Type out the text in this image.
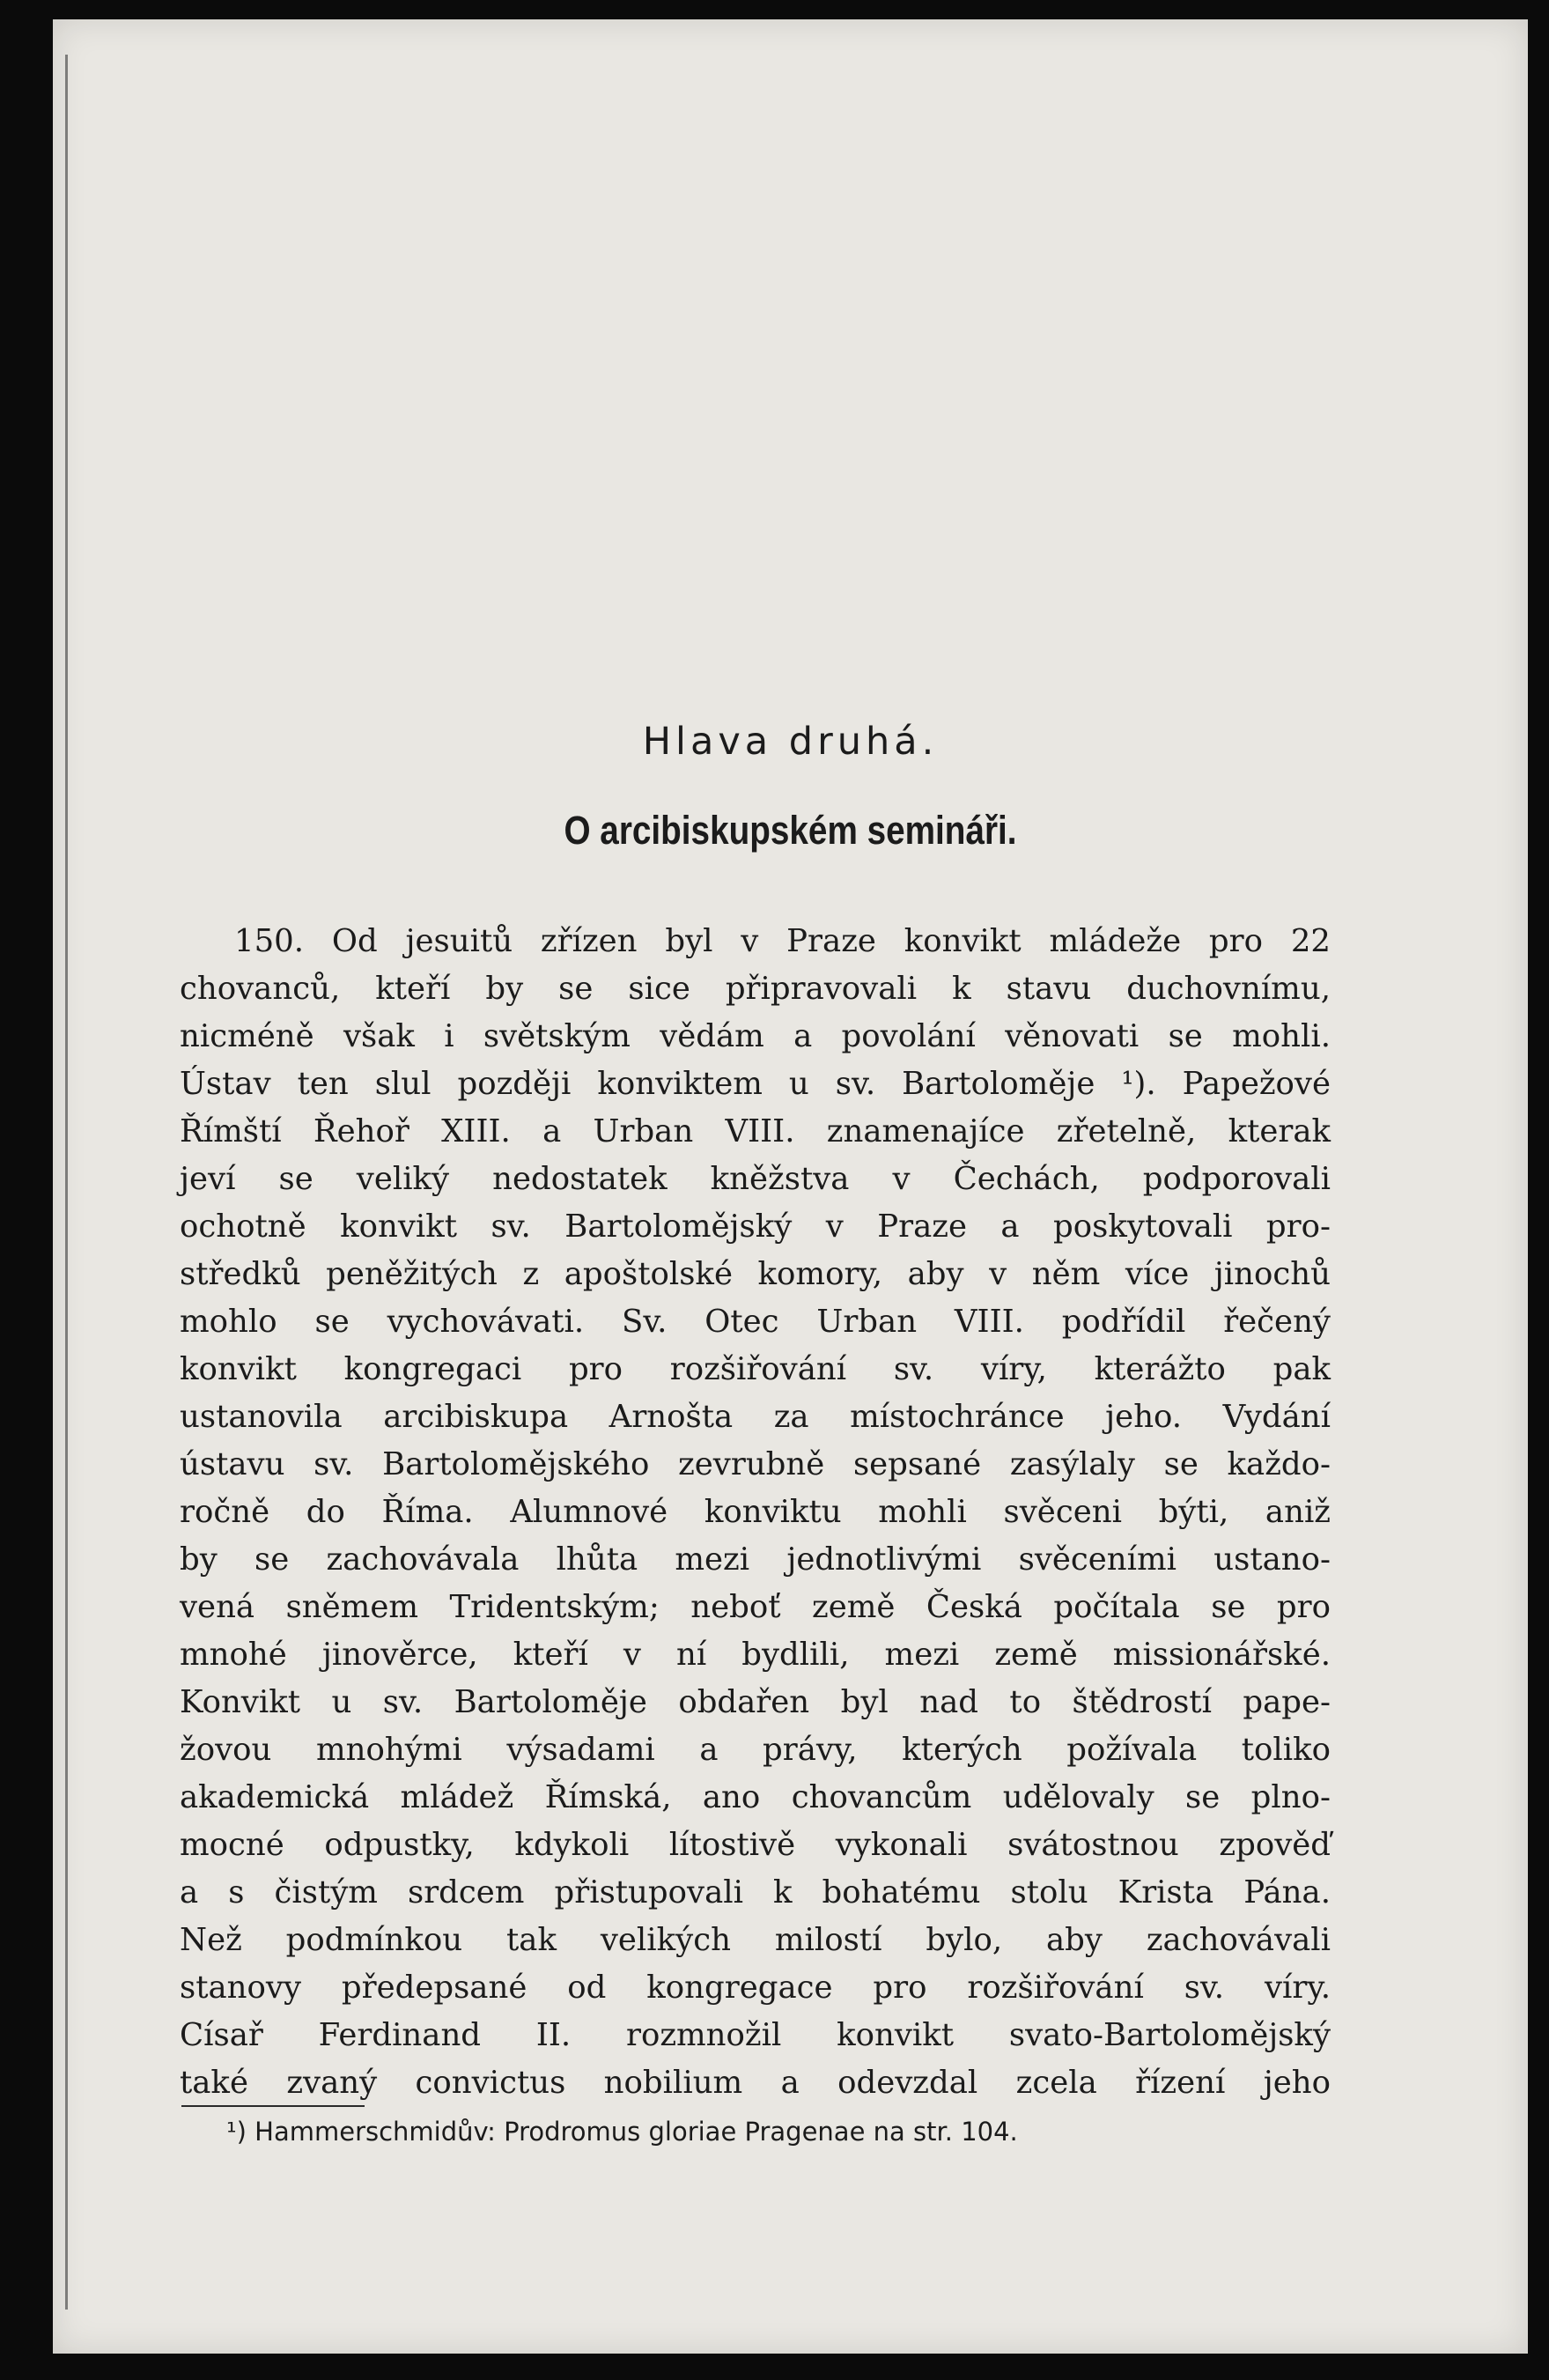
Hlava druhá.
O arcibiskupském semináři.
150. Od jesuitů zřízen byl v Praze konvikt mládeže pro 22
chovanců, kteří by se sice připravovali k stavu duchovnímu,
nicméně však i světským vědám a povolání věnovati se mohli.
Ústav ten slul později konviktem u sv. Bartoloměje ¹). Papežové
Římští Řehoř XIII. a Urban VIII. znamenajíce zřetelně, kterak
jeví se veliký nedostatek kněžstva v Čechách, podporovali
ochotně konvikt sv. Bartolomějský v Praze a poskytovali pro-
středků peněžitých z apoštolské komory, aby v něm více jinochů
mohlo se vychovávati. Sv. Otec Urban VIII. podřídil řečený
konvikt kongregaci pro rozšiřování sv. víry, kterážto pak
ustanovila arcibiskupa Arnošta za místochránce jeho. Vydání
ústavu sv. Bartolomějského zevrubně sepsané zasýlaly se každo-
ročně do Říma. Alumnové konviktu mohli svěceni býti, aniž
by se zachovávala lhůta mezi jednotlivými svěceními ustano-
vená sněmem Tridentským; neboť země Česká počítala se pro
mnohé jinověrce, kteří v ní bydlili, mezi země missionářské.
Konvikt u sv. Bartoloměje obdařen byl nad to štědrostí pape-
žovou mnohými výsadami a právy, kterých požívala toliko
akademická mládež Římská, ano chovancům udělovaly se plno-
mocné odpustky, kdykoli lítostivě vykonali svátostnou zpověď
a s čistým srdcem přistupovali k bohatému stolu Krista Pána.
Než podmínkou tak velikých milostí bylo, aby zachovávali
stanovy předepsané od kongregace pro rozšiřování sv. víry.
Císař Ferdinand II. rozmnožil konvikt svato-Bartolomějský
také zvaný convictus nobilium a odevzdal zcela řízení jeho
¹) Hammerschmidův: Prodromus gloriae Pragenae na str. 104.
